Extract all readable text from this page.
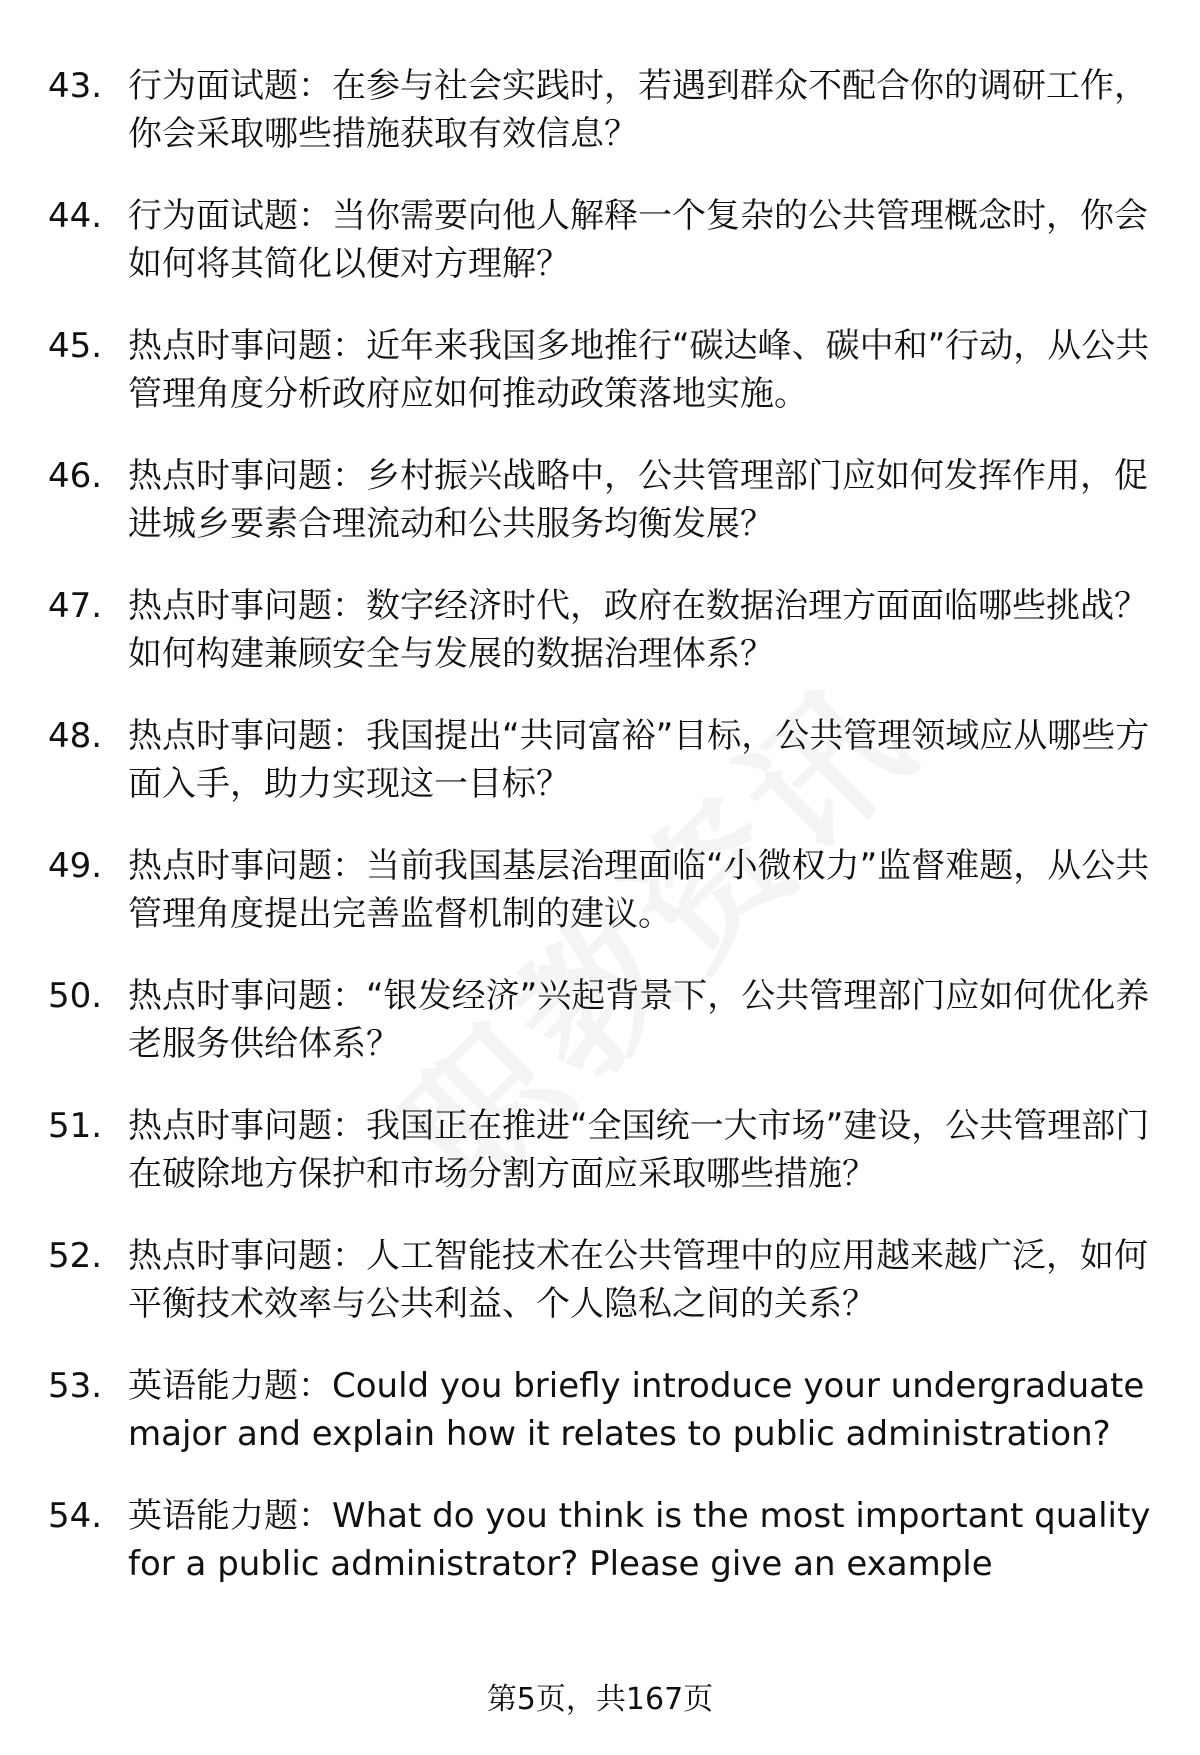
43. 行为面试题：在参与社会实践时，若遇到群众不配合你的调研工作，你会采取哪些措施获取有效信息？
44. 行为面试题：当你需要向他人解释一个复杂的公共管理概念时，你会如何将其简化以便对方理解？
45. 热点时事问题：近年来我国多地推行“碳达峰、碳中和”行动，从公共管理角度分析政府应如何推动政策落地实施。
46. 热点时事问题：乡村振兴战略中，公共管理部门应如何发挥作用，促进城乡要素合理流动和公共服务均衡发展？
47. 热点时事问题：数字经济时代，政府在数据治理方面面临哪些挑战？如何构建兼顾安全与发展的数据治理体系？
48. 热点时事问题：我国提出“共同富裕”目标，公共管理领域应从哪些方面入手，助力实现这一目标？
49. 热点时事问题：当前我国基层治理面临“小微权力”监督难题，从公共管理角度提出完善监督机制的建议。
50. 热点时事问题：“银发经济”兴起背景下，公共管理部门应如何优化养老服务供给体系？
51. 热点时事问题：我国正在推进“全国统一大市场”建设，公共管理部门在破除地方保护和市场分割方面应采取哪些措施？
52. 热点时事问题：人工智能技术在公共管理中的应用越来越广泛，如何平衡技术效率与公共利益、个人隐私之间的关系？
53. 英语能力题：Could you briefly introduce your undergraduate major and explain how it relates to public administration?
54. 英语能力题：What do you think is the most important quality for a public administrator? Please give an example
第5页，共167页
